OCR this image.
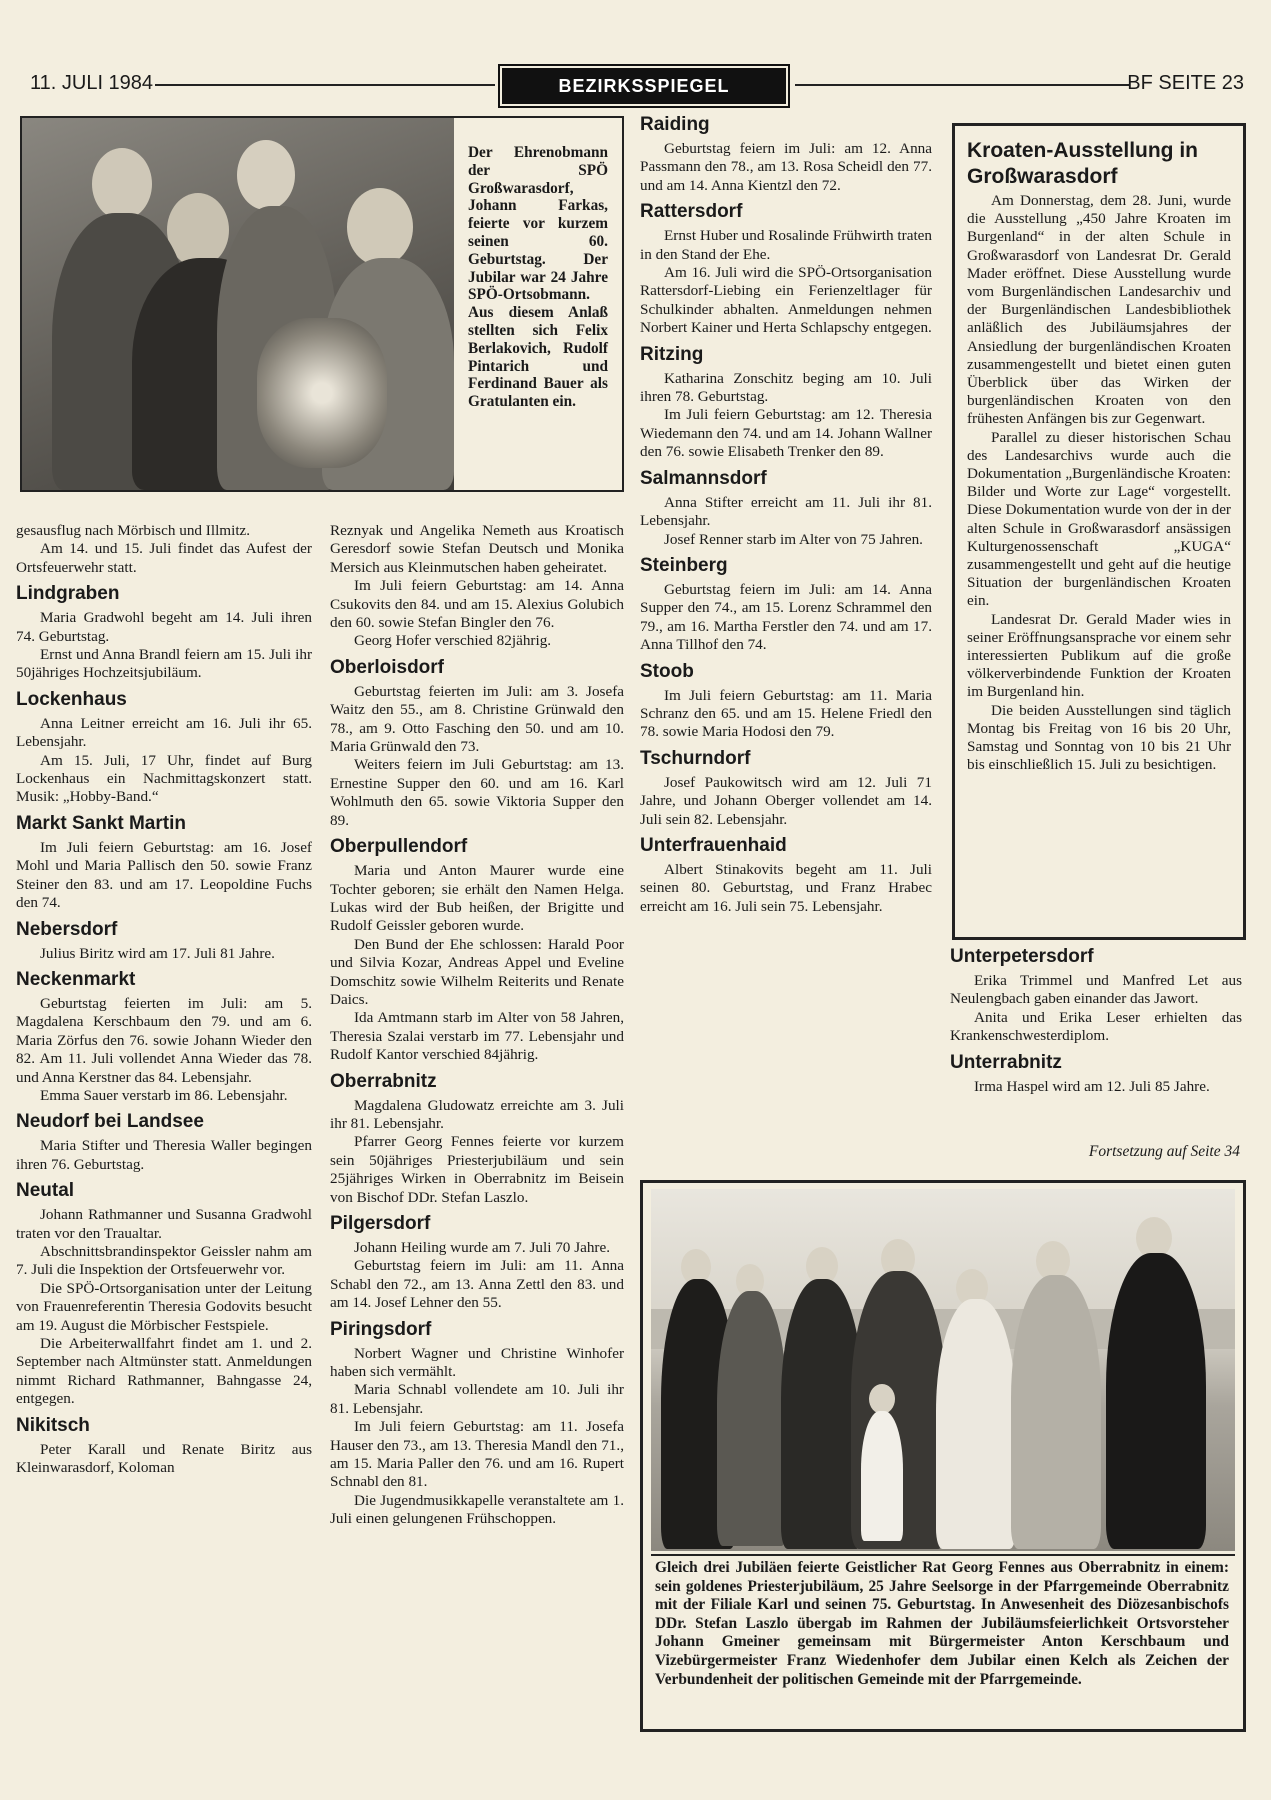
11. JULI 1984	BEZIRKSSPIEGEL	BF SEITE 23
Der Ehrenobmann der SPÖ Großwarasdorf, Johann Farkas, feierte vor kurzem seinen 60. Geburtstag. Der Jubilar war 24 Jahre SPÖ-Ortsobmann. Aus diesem Anlaß stellten sich Felix Berlakovich, Rudolf Pintarich und Ferdinand Bauer als Gratulanten ein.

gesausflug nach Mörbisch und Illmitz.

Am 14. und 15. Juli findet das Aufest der Ortsfeuerwehr statt.

Lindgraben

Maria Gradwohl begeht am 14. Juli ihren 74. Geburtstag.

Ernst und Anna Brandl feiern am 15. Juli ihr 50jähriges Hochzeitsjubiläum.

Lockenhaus

Anna Leitner erreicht am 16. Juli ihr 65. Lebensjahr.

Am 15. Juli, 17 Uhr, findet auf Burg Lockenhaus ein Nachmittagskonzert statt. Musik: „Hobby-Band.“

Markt Sankt Martin

Im Juli feiern Geburtstag: am 16. Josef Mohl und Maria Pallisch den 50. sowie Franz Steiner den 83. und am 17. Leopoldine Fuchs den 74.

Nebersdorf

Julius Biritz wird am 17. Juli 81 Jahre.

Neckenmarkt

Geburtstag feierten im Juli: am 5. Magdalena Kerschbaum den 79. und am 6. Maria Zörfus den 76. sowie Johann Wieder den 82. Am 11. Juli vollendet Anna Wieder das 78. und Anna Kerstner das 84. Lebensjahr.

Emma Sauer verstarb im 86. Lebensjahr.

Neudorf bei Landsee

Maria Stifter und Theresia Waller begingen ihren 76. Geburtstag.

Neutal

Johann Rathmanner und Susanna Gradwohl traten vor den Traualtar.

Abschnittsbrandinspektor Geissler nahm am 7. Juli die Inspektion der Ortsfeuerwehr vor.

Die SPÖ-Ortsorganisation unter der Leitung von Frauenreferentin Theresia Godovits besucht am 19. August die Mörbischer Festspiele.

Die Arbeiterwallfahrt findet am 1. und 2. September nach Altmünster statt. Anmeldungen nimmt Richard Rathmanner, Bahngasse 24, entgegen.

Nikitsch

Peter Karall und Renate Biritz aus Kleinwarasdorf, Koloman

Reznyak und Angelika Nemeth aus Kroatisch Geresdorf sowie Stefan Deutsch und Monika Mersich aus Kleinmutschen haben geheiratet.

Im Juli feiern Geburtstag: am 14. Anna Csukovits den 84. und am 15. Alexius Golubich den 60. sowie Stefan Bingler den 76.

Georg Hofer verschied 82jährig.

Oberloisdorf

Geburtstag feierten im Juli: am 3. Josefa Waitz den 55., am 8. Christine Grünwald den 78., am 9. Otto Fasching den 50. und am 10. Maria Grünwald den 73.

Weiters feiern im Juli Geburtstag: am 13. Ernestine Supper den 60. und am 16. Karl Wohlmuth den 65. sowie Viktoria Supper den 89.

Oberpullendorf

Maria und Anton Maurer wurde eine Tochter geboren; sie erhält den Namen Helga. Lukas wird der Bub heißen, der Brigitte und Rudolf Geissler geboren wurde.

Den Bund der Ehe schlossen: Harald Poor und Silvia Kozar, Andreas Appel und Eveline Domschitz sowie Wilhelm Reiterits und Renate Daics.

Ida Amtmann starb im Alter von 58 Jahren, Theresia Szalai verstarb im 77. Lebensjahr und Rudolf Kantor verschied 84jährig.

Oberrabnitz

Magdalena Gludowatz erreichte am 3. Juli ihr 81. Lebensjahr.

Pfarrer Georg Fennes feierte vor kurzem sein 50jähriges Priesterjubiläum und sein 25jähriges Wirken in Oberrabnitz im Beisein von Bischof DDr. Stefan Laszlo.

Pilgersdorf

Johann Heiling wurde am 7. Juli 70 Jahre.

Geburtstag feiern im Juli: am 11. Anna Schabl den 72., am 13. Anna Zettl den 83. und am 14. Josef Lehner den 55.

Piringsdorf

Norbert Wagner und Christine Winhofer haben sich vermählt.

Maria Schnabl vollendete am 10. Juli ihr 81. Lebensjahr.

Im Juli feiern Geburtstag: am 11. Josefa Hauser den 73., am 13. Theresia Mandl den 71., am 15. Maria Paller den 76. und am 16. Rupert Schnabl den 81.

Die Jugendmusikkapelle veranstaltete am 1. Juli einen gelungenen Frühschoppen.

Raiding

Geburtstag feiern im Juli: am 12. Anna Passmann den 78., am 13. Rosa Scheidl den 77. und am 14. Anna Kientzl den 72.

Rattersdorf

Ernst Huber und Rosalinde Frühwirth traten in den Stand der Ehe.

Am 16. Juli wird die SPÖ-Ortsorganisation Rattersdorf-Liebing ein Ferienzeltlager für Schulkinder abhalten. Anmeldungen nehmen Norbert Kainer und Herta Schlapschy entgegen.

Ritzing

Katharina Zonschitz beging am 10. Juli ihren 78. Geburtstag.

Im Juli feiern Geburtstag: am 12. Theresia Wiedemann den 74. und am 14. Johann Wallner den 76. sowie Elisabeth Trenker den 89.

Salmannsdorf

Anna Stifter erreicht am 11. Juli ihr 81. Lebensjahr.

Josef Renner starb im Alter von 75 Jahren.

Steinberg

Geburtstag feiern im Juli: am 14. Anna Supper den 74., am 15. Lorenz Schrammel den 79., am 16. Martha Ferstler den 74. und am 17. Anna Tillhof den 74.

Stoob

Im Juli feiern Geburtstag: am 11. Maria Schranz den 65. und am 15. Helene Friedl den 78. sowie Maria Hodosi den 79.

Tschurndorf

Josef Paukowitsch wird am 12. Juli 71 Jahre, und Johann Oberger vollendet am 14. Juli sein 82. Lebensjahr.

Unterfrauenhaid

Albert Stinakovits begeht am 11. Juli seinen 80. Geburtstag, und Franz Hrabec erreicht am 16. Juli sein 75. Lebensjahr.

Kroaten-Ausstellung in Großwarasdorf

Am Donnerstag, dem 28. Juni, wurde die Ausstellung „450 Jahre Kroaten im Burgenland“ in der alten Schule in Großwarasdorf von Landesrat Dr. Gerald Mader eröffnet. Diese Ausstellung wurde vom Burgenländischen Landesarchiv und der Burgenländischen Landesbibliothek anläßlich des Jubiläumsjahres der Ansiedlung der burgenländischen Kroaten zusammengestellt und bietet einen guten Überblick über das Wirken der burgenländischen Kroaten von den frühesten Anfängen bis zur Gegenwart.

Parallel zu dieser historischen Schau des Landesarchivs wurde auch die Dokumentation „Burgenländische Kroaten: Bilder und Worte zur Lage“ vorgestellt. Diese Dokumentation wurde von der in der alten Schule in Großwarasdorf ansässigen Kulturgenossenschaft „KUGA“ zusammengestellt und geht auf die heutige Situation der burgenländischen Kroaten ein.

Landesrat Dr. Gerald Mader wies in seiner Eröffnungsansprache vor einem sehr interessierten Publikum auf die große völkerverbindende Funktion der Kroaten im Burgenland hin.

Die beiden Ausstellungen sind täglich Montag bis Freitag von 16 bis 20 Uhr, Samstag und Sonntag von 10 bis 21 Uhr bis einschließlich 15. Juli zu besichtigen.

Unterpetersdorf

Erika Trimmel und Manfred Let aus Neulengbach gaben einander das Jawort.

Anita und Erika Leser erhielten das Krankenschwesterdiplom.

Unterrabnitz

Irma Haspel wird am 12. Juli 85 Jahre.

Fortsetzung auf Seite 34
Gleich drei Jubiläen feierte Geistlicher Rat Georg Fennes aus Oberrabnitz in einem: sein goldenes Priesterjubiläum, 25 Jahre Seelsorge in der Pfarrgemeinde Oberrabnitz mit der Filiale Karl und seinen 75. Geburtstag. In Anwesenheit des Diözesanbischofs DDr. Stefan Laszlo übergab im Rahmen der Jubiläumsfeierlichkeit Ortsvorsteher Johann Gmeiner gemeinsam mit Bürgermeister Anton Kerschbaum und Vizebürgermeister Franz Wiedenhofer dem Jubilar einen Kelch als Zeichen der Verbundenheit der politischen Gemeinde mit der Pfarrgemeinde.
